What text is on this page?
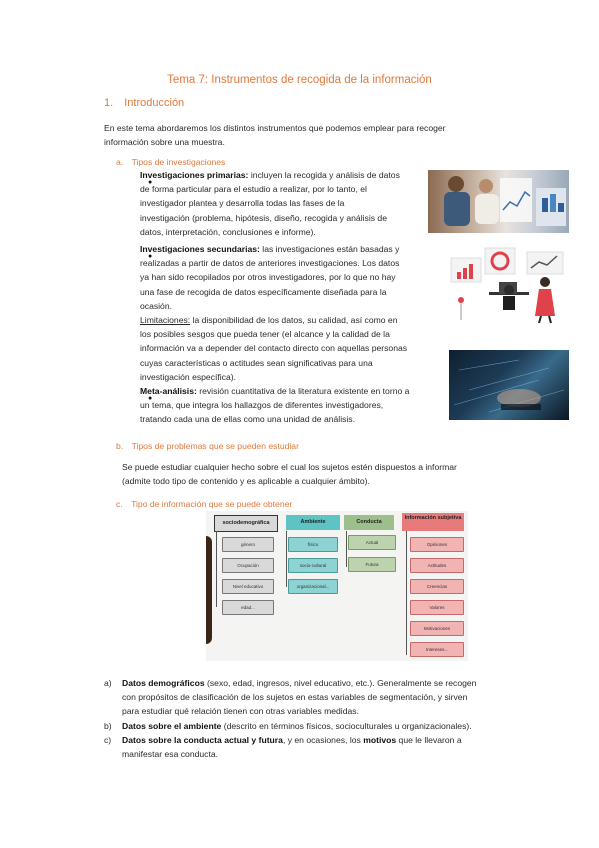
Tema 7: Instrumentos de recogida de la información
1. Introducción
En este tema abordaremos los distintos instrumentos que podemos emplear para recoger
información sobre una muestra.
a. Tipos de investigaciones
●
Investigaciones primarias: incluyen la recogida y análisis de datos
de forma particular para el estudio a realizar, por lo tanto, el
investigador plantea y desarrolla todas las fases de la
investigación (problema, hipótesis, diseño, recogida y análisis de
datos, interpretación, conclusiones e informe).
●
Investigaciones secundarias: las investigaciones están basadas y
realizadas a partir de datos de anteriores investigaciones. Los datos
ya han sido recopilados por otros investigadores, por lo que no hay
una fase de recogida de datos específicamente diseñada para la
ocasión.
Limitaciones: la disponibilidad de los datos, su calidad, así como en
los posibles sesgos que pueda tener (el alcance y la calidad de la
información va a depender del contacto directo con aquellas personas
cuyas características o actitudes sean significativas para una
investigación específica).
●
Meta-análisis: revisión cuantitativa de la literatura existente en torno a
un tema, que integra los hallazgos de diferentes investigadores,
tratando cada una de ellas como una unidad de análisis.
b. Tipos de problemas que se pueden estudiar
Se puede estudiar cualquier hecho sobre el cual los sujetos estén dispuestos a informar
(admite todo tipo de contenido y es aplicable a cualquier ámbito).
c. Tipo de información que se puede obtener
sociodemográfica	Ambiente	Conducta
Información subjetiva
género
Ocupación
Nivel educativo
edad...
físico
socio-cultural
organizacional...
Actual
Futura
Opiniones
Actitudes
Creencias
Valores
Motivaciones
Intereses...
a) Datos demográficos (sexo, edad, ingresos, nivel educativo, etc.). Generalmente se recogen
con propósitos de clasificación de los sujetos en estas variables de segmentación, y sirven
para estudiar qué relación tienen con otras variables medidas.
b) Datos sobre el ambiente (descrito en términos físicos, socioculturales u organizacionales).
c) Datos sobre la conducta actual y futura, y en ocasiones, los motivos que le llevaron a
manifestar esa conducta.
